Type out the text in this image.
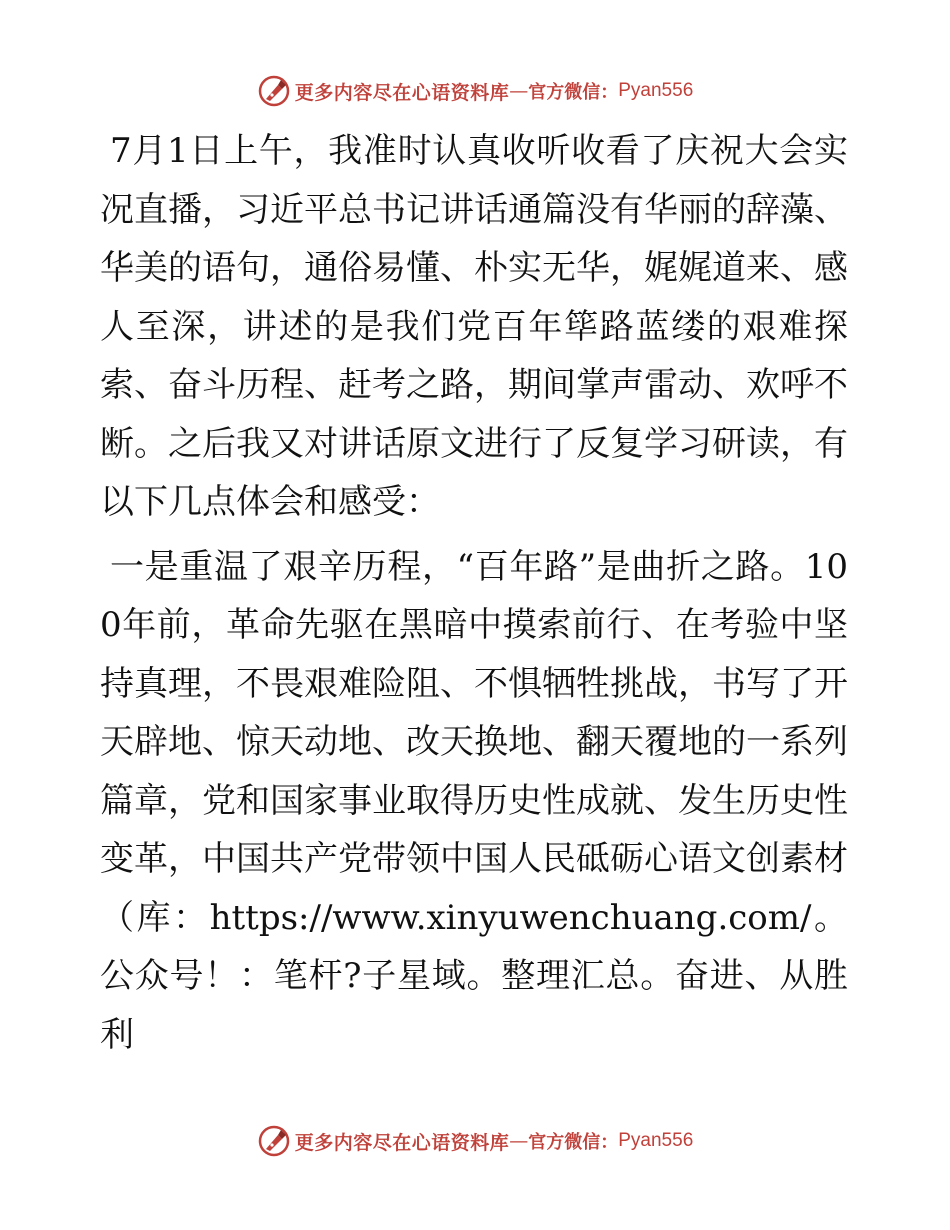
更多内容尽在心语资料库 — 官方微信： Pyan556

7月1日上午，我准时认真收听收看了庆祝大会实况直播，习近平总书记讲话通篇没有华丽的辞藻、华美的语句，通俗易懂、朴实无华，娓娓道来、感人至深，讲述的是我们党百年筚路蓝缕的艰难探索、奋斗历程、赶考之路，期间掌声雷动、欢呼不断。之后我又对讲话原文进行了反复学习研读，有以下几点体会和感受：

一是重温了艰辛历程，“百年路”是曲折之路。100年前，革命先驱在黑暗中摸索前行、在考验中坚持真理，不畏艰难险阻、不惧牺牲挑战，书写了开天辟地、惊天动地、改天换地、翻天覆地的一系列篇章，党和国家事业取得历史性成就、发生历史性变革，中国共产党带领中国人民砥砺心语文创素材（库：https://www.xinyuwenchuang.com/。公众号！：笔杆?子星域。整理汇总。奋进、从胜利

更多内容尽在心语资料库 — 官方微信： Pyan556
